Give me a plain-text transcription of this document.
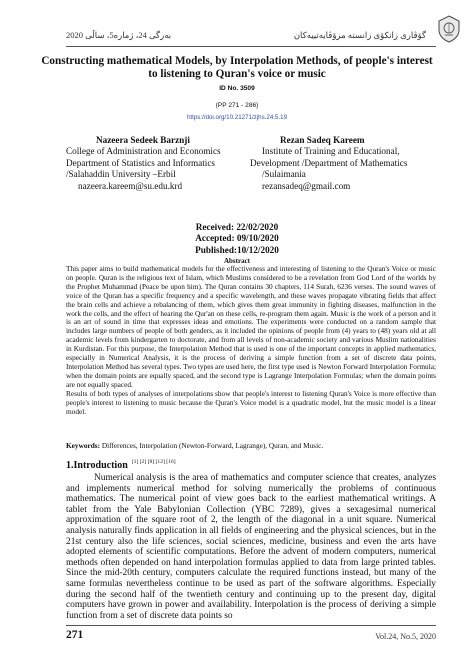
بەرگی 24، ژمارە5، ساڵی 2020	گۆڤاری زانکۆی زانستە مرۆڤایەتییەکان
Constructing mathematical Models, by Interpolation Methods, of people's interest to listening to Quran's voice or music
ID No. 3509
(PP 271 - 286)
https://doi.org/10.21271/zjhs.24.5.19
Nazeera Sedeek Barznji
College of Administration and Economics
Department of Statistics and Informatics
/Salahaddin University –Erbil
nazeera.kareem@su.edu.krd
Rezan Sadeq Kareem
Institute of Training and Educational,
Development /Department of Mathematics
/Sulaimania
rezansadeq@gmail.com
Received: 22/02/2020
Accepted: 09/10/2020
Published:10/12/2020
Abstract

This paper aims to build mathematical models for the effectiveness and interesting of listening to the Quran's Voice or music on people. Quran is the religious text of Islam, which Muslims considered to be a revelation from God Lord of the worlds by the Prophet Muhammad (Peace be upon him). The Quran contains 30 chapters, 114 Surah, 6236 verses. The sound waves of voice of the Quran has a specific frequency and a specific wavelength, and these waves propagate vibrating fields that affect the brain cells and achieve a rebalancing of them, which gives them great immunity in fighting diseases, malfunction in the work the cells, and the effect of hearing the Qur'an on these cells, re-program them again. Music is the work of a person and it is an art of sound in time that expresses ideas and emotions. The experiments were conducted on a random sample that includes large numbers of people of both genders, as it included the opinions of people from (4) years to (48) years old at all academic levels from kindergarten to doctorate, and from all levels of non-academic society and various Muslim nationalities in Kurdistan. For this purpose, the Interpolation Method that is used is one of the important concepts in applied mathematics, especially in Numerical Analysis, it is the process of deriving a simple function from a set of discrete data points, Interpolation Method has several types. Two types are used here, the first type used is Newton Forward Interpolation Formula; when the domain points are equally spaced, and the second type is Lagrange Interpolation Formulas; when the domain points are not equally spaced.

Results of both types of analyses of interpolations show that people's interest to listening Quran's Voice is more effective than people's interest to listening to music because the Quran's Voice model is a quadratic model, but the music model is a linear model.

Keywords: Differences, Interpolation (Newton-Forward, Lagrange), Quran, and Music.
1.Introduction [1] [2] [8] [12] [16]

Numerical analysis is the area of mathematics and computer science that creates, analyzes and implements numerical method for solving numerically the problems of continuous mathematics. The numerical point of view goes back to the earliest mathematical writings. A tablet from the Yale Babylonian Collection (YBC 7289), gives a sexagesimal numerical approximation of the square root of 2, the length of the diagonal in a unit square. Numerical analysis naturally finds application in all fields of engineering and the physical sciences, but in the 21st century also the life sciences, social sciences, medicine, business and even the arts have adopted elements of scientific computations. Before the advent of modern computers, numerical methods often depended on hand interpolation formulas applied to data from large printed tables. Since the mid-20th century, computers calculate the required functions instead, but many of the same formulas nevertheless continue to be used as part of the software algorithms. Especially during the second half of the twentieth century and continuing up to the present day, digital computers have grown in power and availability. Interpolation is the process of deriving a simple function from a set of discrete data points so

271	Vol.24, No.5, 2020
